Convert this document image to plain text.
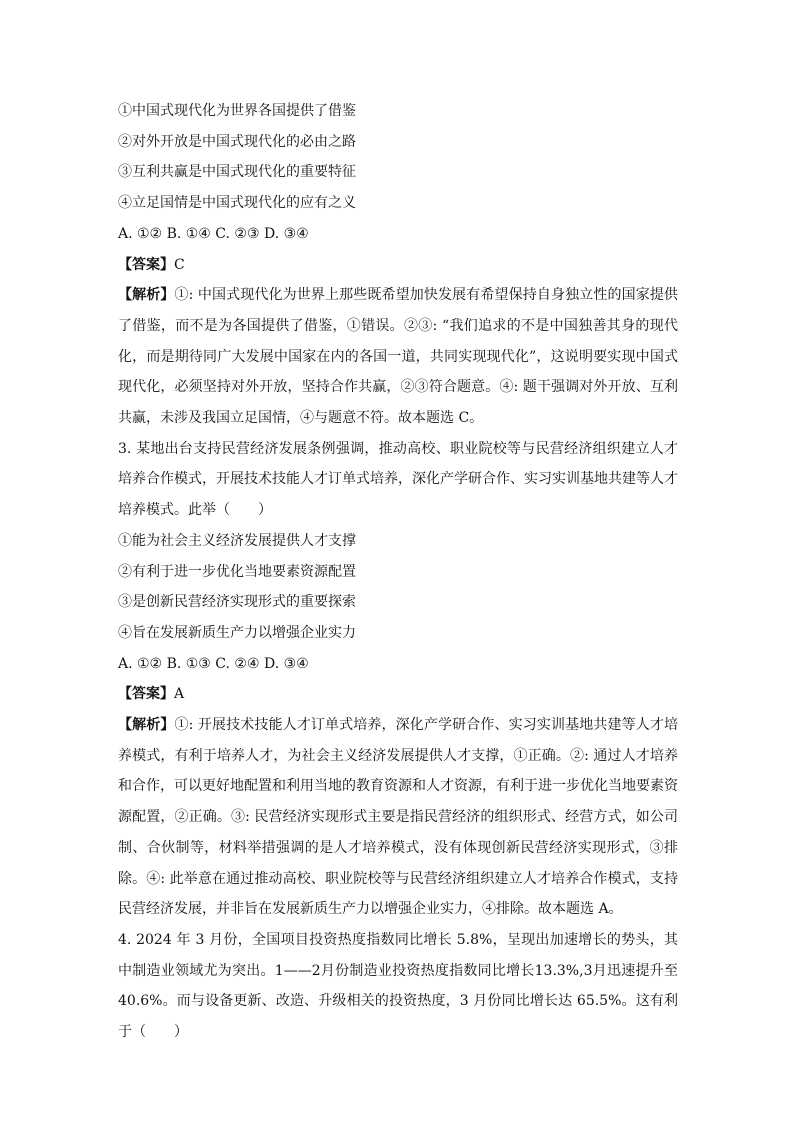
①中国式现代化为世界各国提供了借鉴
②对外开放是中国式现代化的必由之路
③互利共赢是中国式现代化的重要特征
④立足国情是中国式现代化的应有之义
A. ①② B. ①④ C. ②③ D. ③④
【答案】C
【解析】①: 中国式现代化为世界上那些既希望加快发展有希望保持自身独立性的国家提供了借鉴，而不是为各国提供了借鉴，①错误。②③: “我们追求的不是中国独善其身的现代化，而是期待同广大发展中国家在内的各国一道，共同实现现代化”，这说明要实现中国式现代化，必须坚持对外开放，坚持合作共赢，②③符合题意。④: 题干强调对外开放、互利共赢，未涉及我国立足国情，④与题意不符。故本题选 C。
3. 某地出台支持民营经济发展条例强调，推动高校、职业院校等与民营经济组织建立人才培养合作模式，开展技术技能人才订单式培养，深化产学研合作、实习实训基地共建等人才培养模式。此举（　　）
①能为社会主义经济发展提供人才支撑
②有利于进一步优化当地要素资源配置
③是创新民营经济实现形式的重要探索
④旨在发展新质生产力以增强企业实力
A. ①② B. ①③ C. ②④ D. ③④
【答案】A
【解析】①: 开展技术技能人才订单式培养，深化产学研合作、实习实训基地共建等人才培养模式，有利于培养人才，为社会主义经济发展提供人才支撑，①正确。②: 通过人才培养和合作，可以更好地配置和利用当地的教育资源和人才资源，有利于进一步优化当地要素资源配置，②正确。③: 民营经济实现形式主要是指民营经济的组织形式、经营方式，如公司制、合伙制等，材料举措强调的是人才培养模式，没有体现创新民营经济实现形式，③排除。④: 此举意在通过推动高校、职业院校等与民营经济组织建立人才培养合作模式，支持民营经济发展，并非旨在发展新质生产力以增强企业实力，④排除。故本题选 A。
4. 2024 年 3 月份，全国项目投资热度指数同比增长 5.8%，呈现出加速增长的势头，其中制造业领域尤为突出。1——2月份制造业投资热度指数同比增长13.3%,3月迅速提升至40.6%。而与设备更新、改造、升级相关的投资热度，3 月份同比增长达 65.5%。这有利于（　　）
